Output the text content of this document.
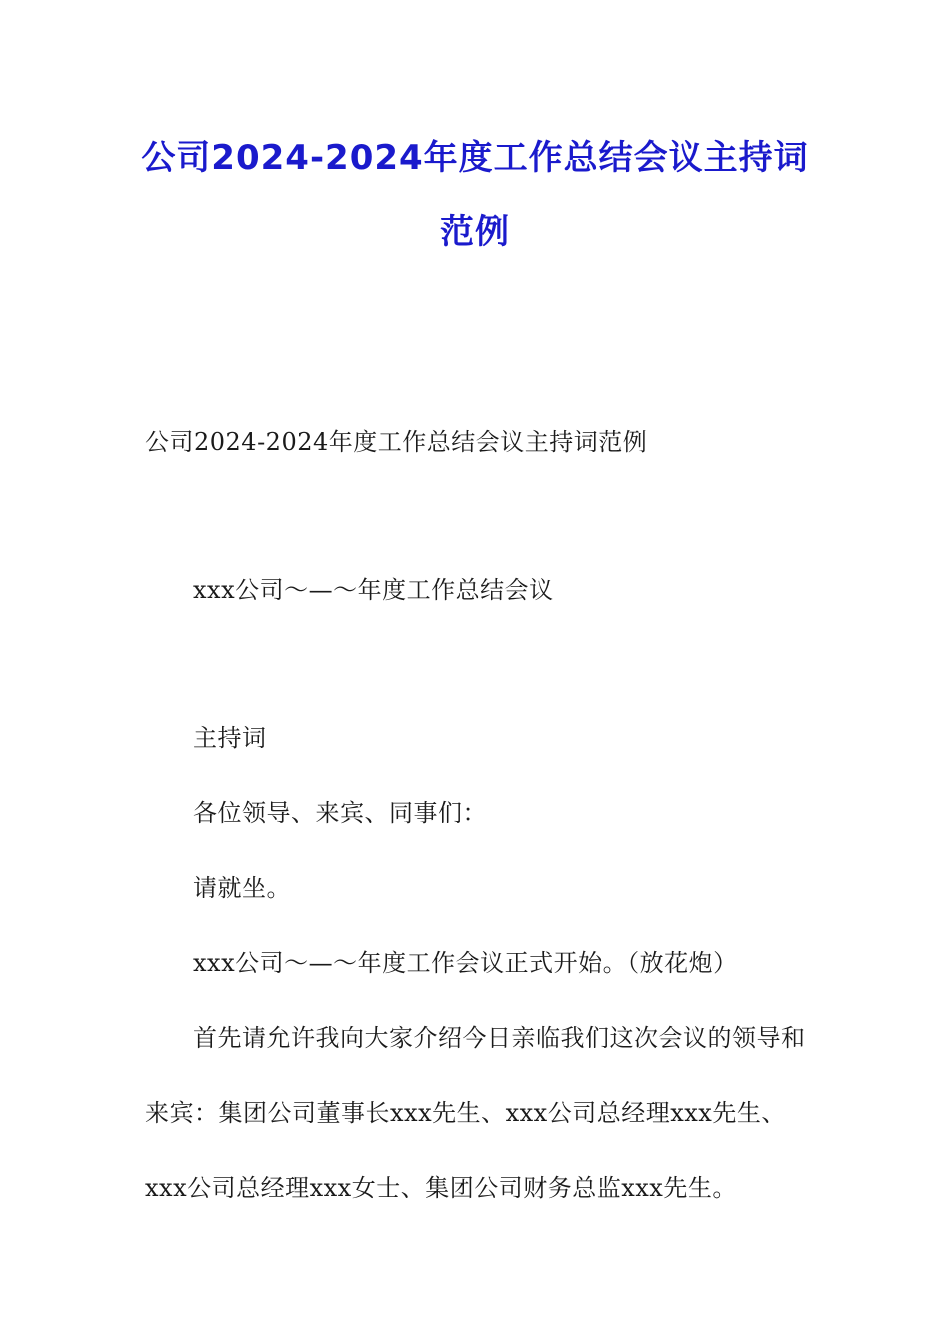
公司2024-2024年度工作总结会议主持词
范例
公司2024-2024年度工作总结会议主持词范例
xxx公司～—～年度工作总结会议
主持词
各位领导、来宾、同事们：
请就坐。
xxx公司～—～年度工作会议正式开始。（放花炮）
首先请允许我向大家介绍今日亲临我们这次会议的领导和
来宾：集团公司董事长xxx先生、xxx公司总经理xxx先生、
xxx公司总经理xxx女士、集团公司财务总监xxx先生。
